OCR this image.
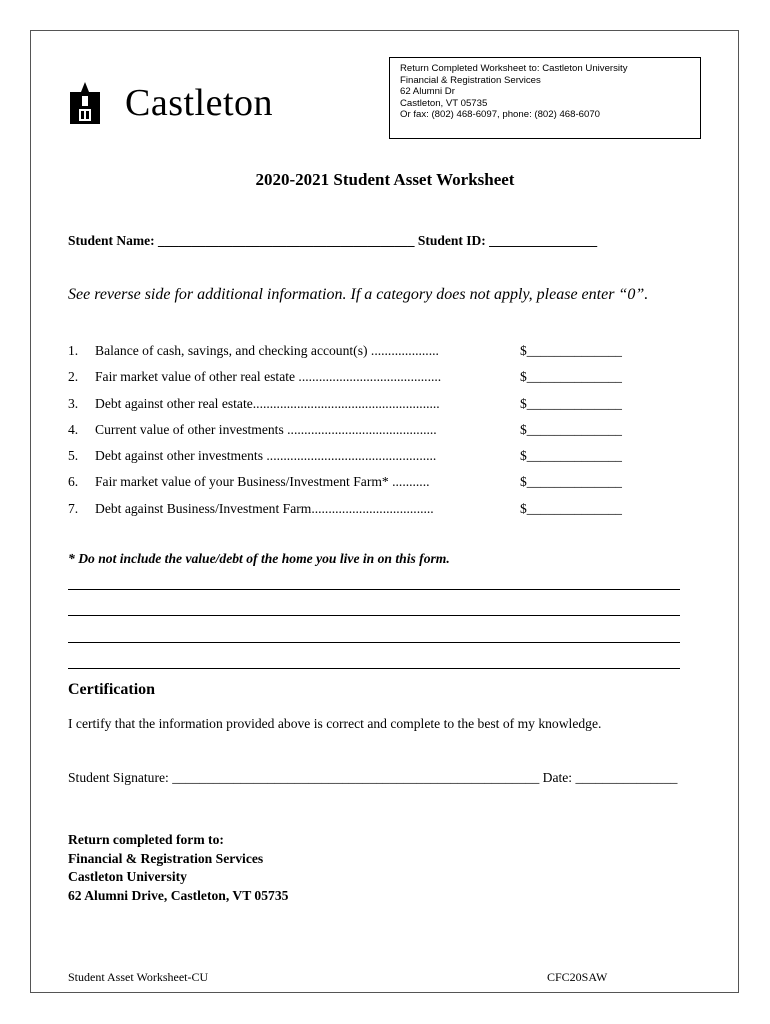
Castleton
Return Completed Worksheet to: Castleton University
Financial & Registration Services
62 Alumni Dr
Castleton, VT 05735
Or fax: (802) 468-6097, phone: (802) 468-6070
2020-2021 Student Asset Worksheet
Student Name: ______________________________________ Student ID: ________________
See reverse side for additional information. If a category does not apply, please enter “0”.
1. Balance of cash, savings, and checking account(s) ....................	$______________
2. Fair market value of other real estate ..........................................	$______________
3. Debt against other real estate.......................................................	$______________
4. Current value of other investments ............................................	$______________
5. Debt against other investments ..................................................	$______________
6. Fair market value of your Business/Investment Farm* ...........	$______________
7. Debt against Business/Investment Farm....................................	$______________
* Do not include the value/debt of the home you live in on this form.
Certification
I certify that the information provided above is correct and complete to the best of my knowledge.
Student Signature: ______________________________________________________ Date: _______________
Return completed form to:
Financial & Registration Services
Castleton University
62 Alumni Drive, Castleton, VT 05735
Student Asset Worksheet-CU	CFC20SAW
